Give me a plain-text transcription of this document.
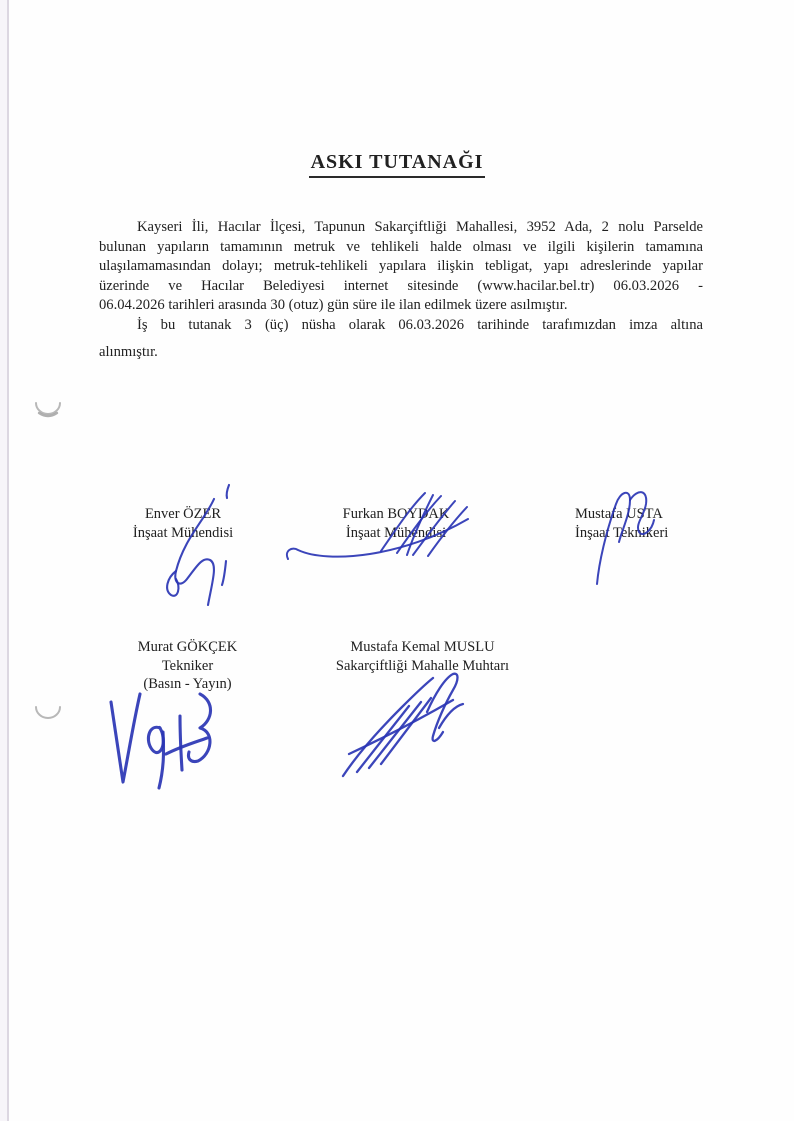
ASKI TUTANAĞI
Kayseri İli, Hacılar İlçesi, Tapunun Sakarçiftliği Mahallesi, 3952 Ada, 2 nolu Parselde
bulunan yapıların tamamının metruk ve tehlikeli halde olması ve ilgili kişilerin tamamına
ulaşılamamasından dolayı; metruk-tehlikeli yapılara ilişkin tebligat, yapı adreslerinde yapılar
üzerinde ve Hacılar Belediyesi internet sitesinde (www.hacilar.bel.tr) 06.03.2026 -
06.04.2026 tarihleri arasında 30 (otuz) gün süre ile ilan edilmek üzere asılmıştır.
İş bu tutanak 3 (üç) nüsha olarak 06.03.2026 tarihinde tarafımızdan imza altına
alınmıştır.
Enver ÖZER
İnşaat Mühendisi
Furkan BOYDAK
İnşaat Mühendisi
Mustafa USTA
İnşaat Teknikeri
Murat GÖKÇEK
Tekniker
(Basın - Yayın)
Mustafa Kemal MUSLU
Sakarçiftliği Mahalle Muhtarı
